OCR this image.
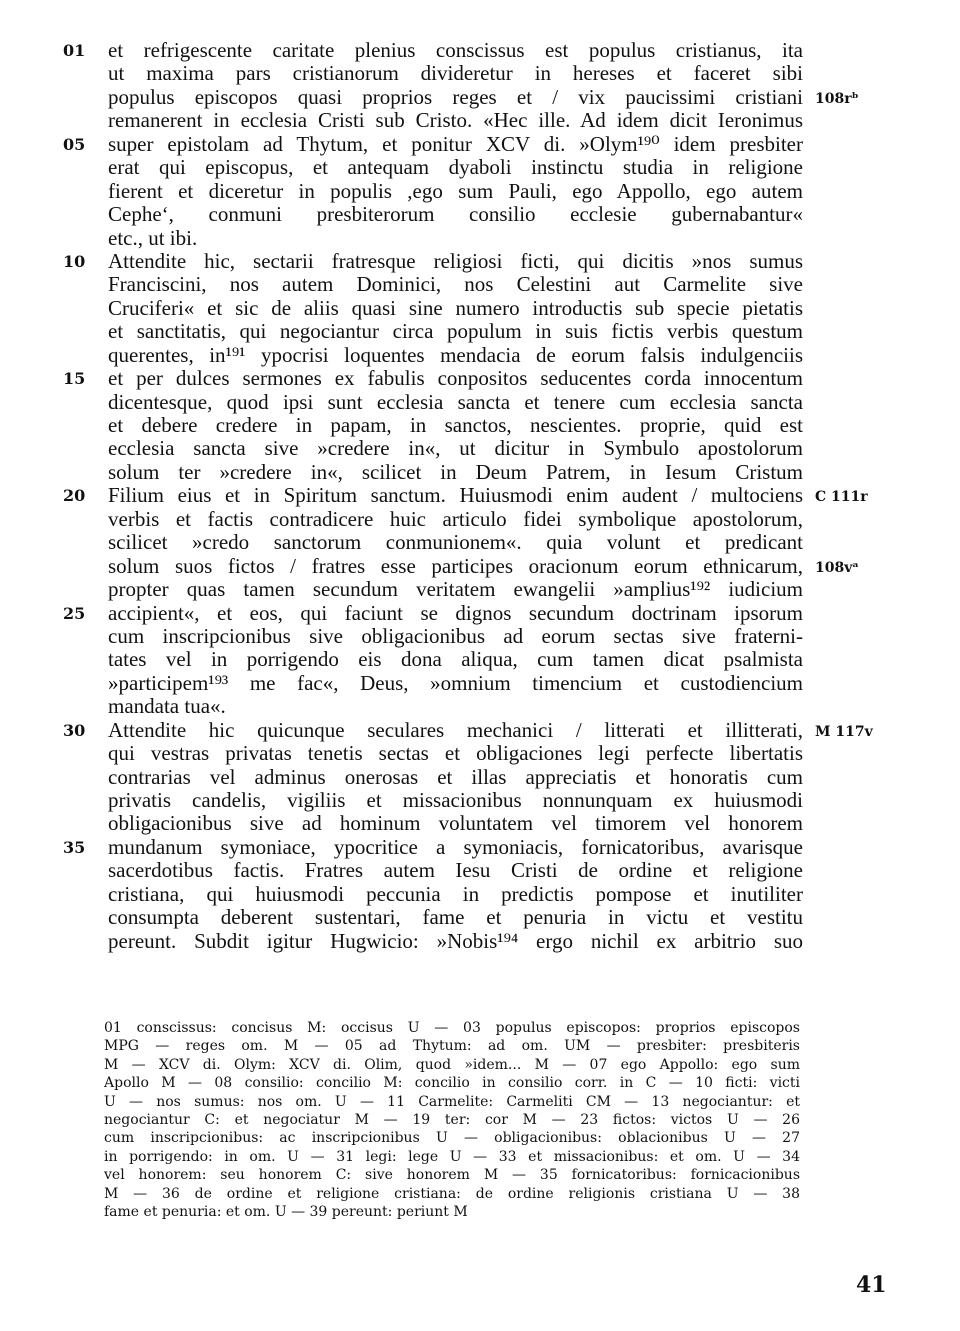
01 et refrigescente caritate plenius conscissus est populus cristianus, ita
ut maxima pars cristianorum divideretur in hereses et faceret sibi
populus episcopos quasi proprios reges et / vix paucissimi cristiani 108rᵇ
remanerent in ecclesia Cristi sub Cristo. «Hec ille. Ad idem dicit Ieronimus
05 super epistolam ad Thytum, et ponitur XCV di. »Olym¹⁹⁰ idem presbiter
erat qui episcopus, et antequam dyaboli instinctu studia in religione
fierent et diceretur in populis ,ego sum Pauli, ego Appollo, ego autem
Cephe‘, conmuni presbiterorum consilio ecclesie gubernabantur«
etc., ut ibi.
10 Attendite hic, sectarii fratresque religiosi ficti, qui dicitis »nos sumus
Franciscini, nos autem Dominici, nos Celestini aut Carmelite sive
Cruciferi« et sic de aliis quasi sine numero introductis sub specie pietatis
et sanctitatis, qui negociantur circa populum in suis fictis verbis questum
querentes, in¹⁹¹ ypocrisi loquentes mendacia de eorum falsis indulgenciis
15 et per dulces sermones ex fabulis conpositos seducentes corda innocentum
dicentesque, quod ipsi sunt ecclesia sancta et tenere cum ecclesia sancta
et debere credere in papam, in sanctos, nescientes. proprie, quid est
ecclesia sancta sive »credere in«, ut dicitur in Symbulo apostolorum
solum ter »credere in«, scilicet in Deum Patrem, in Iesum Cristum
20 Filium eius et in Spiritum sanctum. Huiusmodi enim audent / multociens C 111r
verbis et factis contradicere huic articulo fidei symbolique apostolorum,
scilicet »credo sanctorum conmunionem«. quia volunt et predicant
solum suos fictos / fratres esse participes oracionum eorum ethnicarum, 108vᵃ
propter quas tamen secundum veritatem ewangelii »amplius¹⁹² iudicium
25 accipient«, et eos, qui faciunt se dignos secundum doctrinam ipsorum
cum inscripcionibus sive obligacionibus ad eorum sectas sive fraterni-
tates vel in porrigendo eis dona aliqua, cum tamen dicat psalmista
»participem¹⁹³ me fac«, Deus, »omnium timencium et custodiencium
mandata tua«.
30 Attendite hic quicunque seculares mechanici / litterati et illitterati, M 117v
qui vestras privatas tenetis sectas et obligaciones legi perfecte libertatis
contrarias vel adminus onerosas et illas appreciatis et honoratis cum
privatis candelis, vigiliis et missacionibus nonnunquam ex huiusmodi
obligacionibus sive ad hominum voluntatem vel timorem vel honorem
35 mundanum symoniace, ypocritice a symoniacis, fornicatoribus, avarisque
sacerdotibus factis. Fratres autem Iesu Cristi de ordine et religione
cristiana, qui huiusmodi peccunia in predictis pompose et inutiliter
consumpta deberent sustentari, fame et penuria in victu et vestitu
pereunt. Subdit igitur Hugwicio: »Nobis¹⁹⁴ ergo nichil ex arbitrio suo
01 conscissus: concisus M: occisus U — 03 populus episcopos: proprios episcopos
MPG — reges om. M — 05 ad Thytum: ad om. UM — presbiter: presbiteris
M — XCV di. Olym: XCV di. Olim, quod »idem... M — 07 ego Appollo: ego sum
Apollo M — 08 consilio: concilio M: concilio in consilio corr. in C — 10 ficti: victi
U — nos sumus: nos om. U — 11 Carmelite: Carmeliti CM — 13 negociantur: et
negociantur C: et negociatur M — 19 ter: cor M — 23 fictos: victos U — 26
cum inscripcionibus: ac inscripcionibus U — obligacionibus: oblacionibus U — 27
in porrigendo: in om. U — 31 legi: lege U — 33 et missacionibus: et om. U — 34
vel honorem: seu honorem C: sive honorem M — 35 fornicatoribus: fornicacionibus
M — 36 de ordine et religione cristiana: de ordine religionis cristiana U — 38
fame et penuria: et om. U — 39 pereunt: periunt M
41
